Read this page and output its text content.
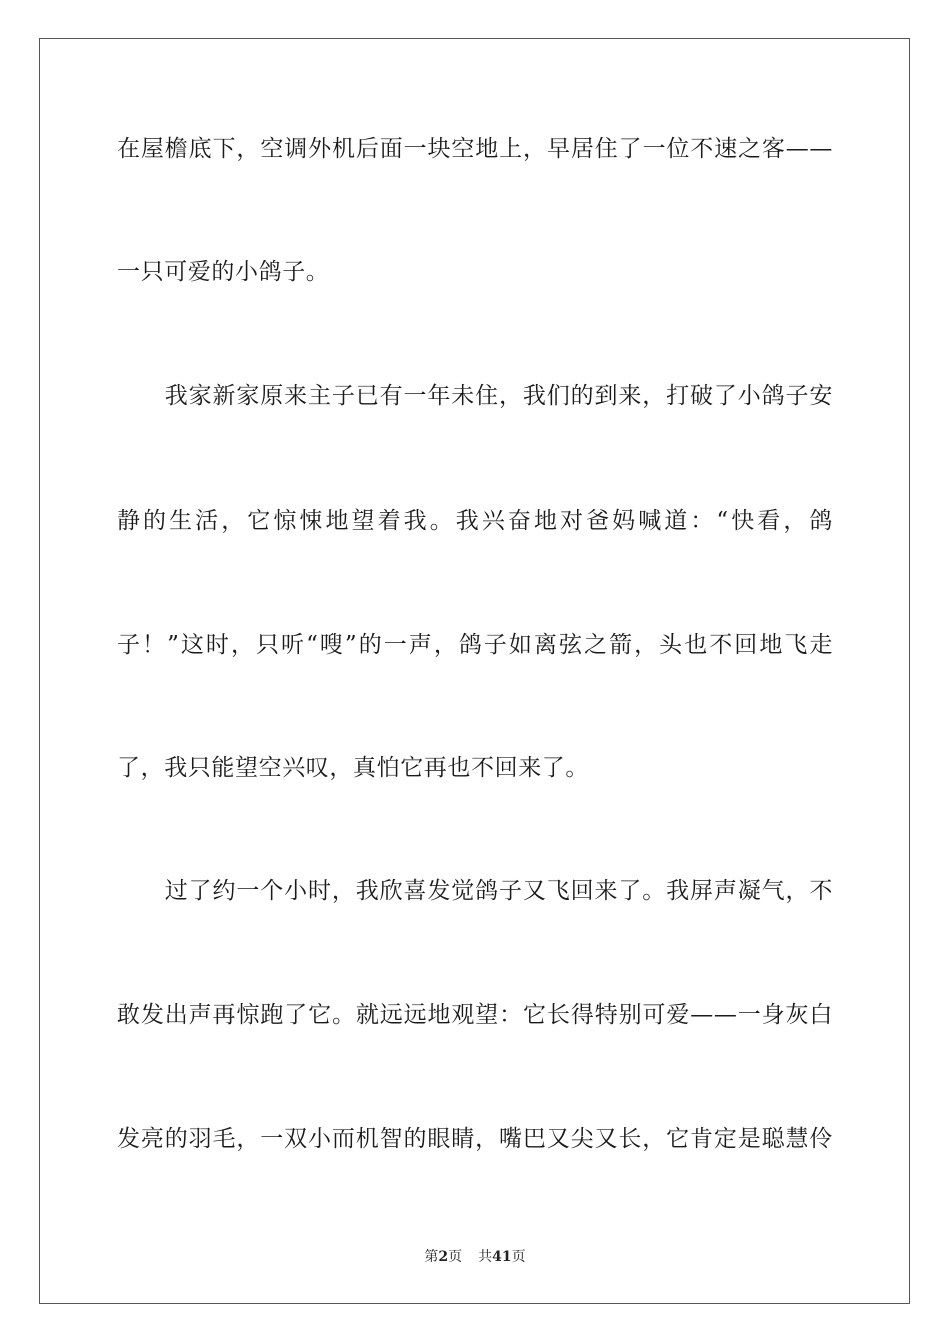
在屋檐底下，空调外机后面一块空地上，早居住了一位不速之客——
一只可爱的小鸽子。
　　我家新家原来主子已有一年未住，我们的到来，打破了小鸽子安
静的生活，它惊悚地望着我。我兴奋地对爸妈喊道：“快看，鸽
子！”这时，只听“嗖”的一声，鸽子如离弦之箭，头也不回地飞走
了，我只能望空兴叹，真怕它再也不回来了。
　　过了约一个小时，我欣喜发觉鸽子又飞回来了。我屏声凝气，不
敢发出声再惊跑了它。就远远地观望：它长得特别可爱——一身灰白
发亮的羽毛，一双小而机智的眼睛，嘴巴又尖又长，它肯定是聪慧伶
第2页 共41页
